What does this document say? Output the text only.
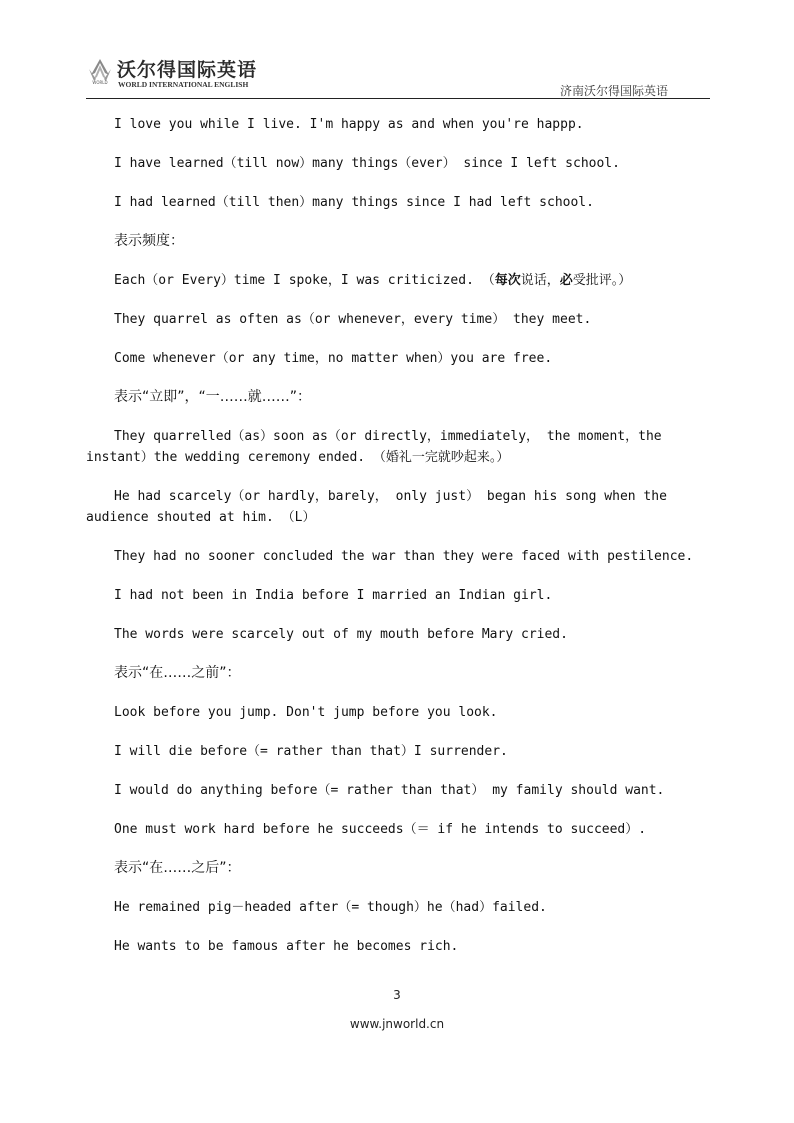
WORLD
沃尔得国际英语
WORLD INTERNATIONAL ENGLISH	济南沃尔得国际英语

I love you while I live. I'm happy as and when you're happp.

I have learned（till now）many things（ever） since I left school.

I had learned（till then）many things since I had left school.

表示频度：

Each（or Every）time I spoke，I was criticized. （每次说话，必受批评。）

They quarrel as often as（or whenever，every time） they meet.

Come whenever（or any time，no matter when）you are free.

表示“立即”，“一……就……”：

They quarrelled（as）soon as（or directly，immediately， the moment，the instant）the wedding ceremony ended. （婚礼一完就吵起来。）

He had scarcely（or hardly，barely， only just） began his song when the audience shouted at him. （L）

They had no sooner concluded the war than they were faced with pestilence.

I had not been in India before I married an Indian girl.

The words were scarcely out of my mouth before Mary cried.

表示“在……之前”：

Look before you jump. Don't jump before you look.

I will die before（= rather than that）I surrender.

I would do anything before（= rather than that） my family should want.

One must work hard before he succeeds（＝ if he intends to succeed）.

表示“在……之后”：

He remained pig－headed after（= though）he（had）failed.

He wants to be famous after he becomes rich.

3
www.jnworld.cn
